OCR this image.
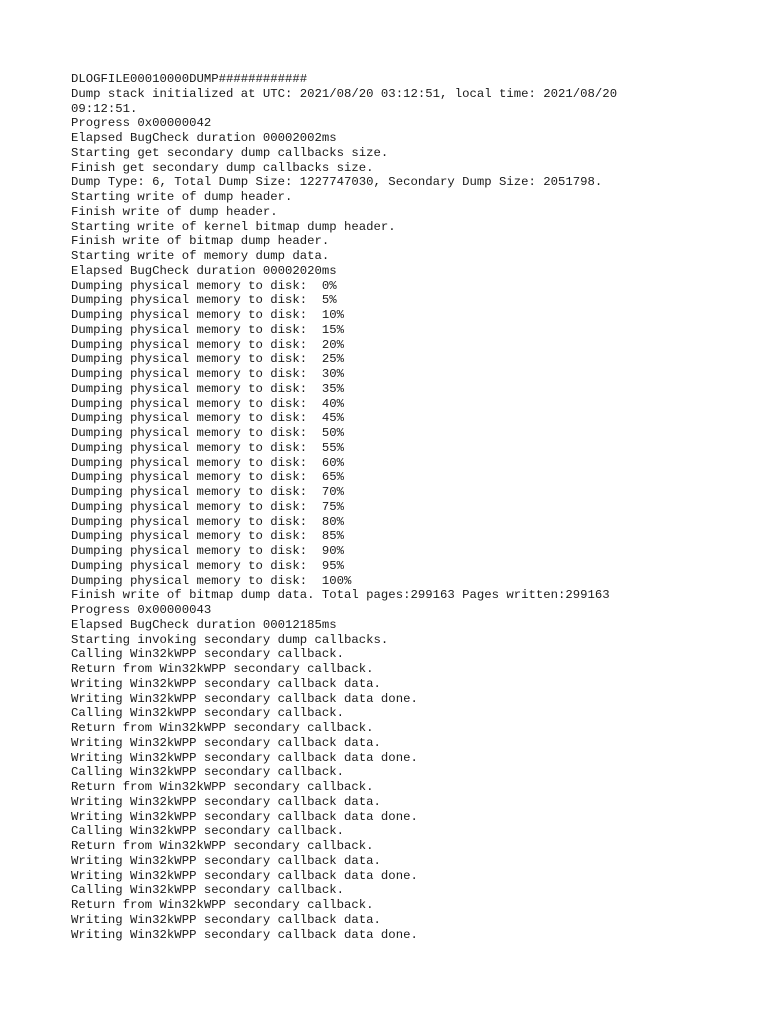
DLOGFILE00010000DUMP############
Dump stack initialized at UTC: 2021/08/20 03:12:51, local time: 2021/08/20
09:12:51.
Progress 0x00000042
Elapsed BugCheck duration 00002002ms
Starting get secondary dump callbacks size.
Finish get secondary dump callbacks size.
Dump Type: 6, Total Dump Size: 1227747030, Secondary Dump Size: 2051798.
Starting write of dump header.
Finish write of dump header.
Starting write of kernel bitmap dump header.
Finish write of bitmap dump header.
Starting write of memory dump data.
Elapsed BugCheck duration 00002020ms
Dumping physical memory to disk:  0%
Dumping physical memory to disk:  5%
Dumping physical memory to disk:  10%
Dumping physical memory to disk:  15%
Dumping physical memory to disk:  20%
Dumping physical memory to disk:  25%
Dumping physical memory to disk:  30%
Dumping physical memory to disk:  35%
Dumping physical memory to disk:  40%
Dumping physical memory to disk:  45%
Dumping physical memory to disk:  50%
Dumping physical memory to disk:  55%
Dumping physical memory to disk:  60%
Dumping physical memory to disk:  65%
Dumping physical memory to disk:  70%
Dumping physical memory to disk:  75%
Dumping physical memory to disk:  80%
Dumping physical memory to disk:  85%
Dumping physical memory to disk:  90%
Dumping physical memory to disk:  95%
Dumping physical memory to disk:  100%
Finish write of bitmap dump data. Total pages:299163 Pages written:299163
Progress 0x00000043
Elapsed BugCheck duration 00012185ms
Starting invoking secondary dump callbacks.
Calling Win32kWPP secondary callback.
Return from Win32kWPP secondary callback.
Writing Win32kWPP secondary callback data.
Writing Win32kWPP secondary callback data done.
Calling Win32kWPP secondary callback.
Return from Win32kWPP secondary callback.
Writing Win32kWPP secondary callback data.
Writing Win32kWPP secondary callback data done.
Calling Win32kWPP secondary callback.
Return from Win32kWPP secondary callback.
Writing Win32kWPP secondary callback data.
Writing Win32kWPP secondary callback data done.
Calling Win32kWPP secondary callback.
Return from Win32kWPP secondary callback.
Writing Win32kWPP secondary callback data.
Writing Win32kWPP secondary callback data done.
Calling Win32kWPP secondary callback.
Return from Win32kWPP secondary callback.
Writing Win32kWPP secondary callback data.
Writing Win32kWPP secondary callback data done.
